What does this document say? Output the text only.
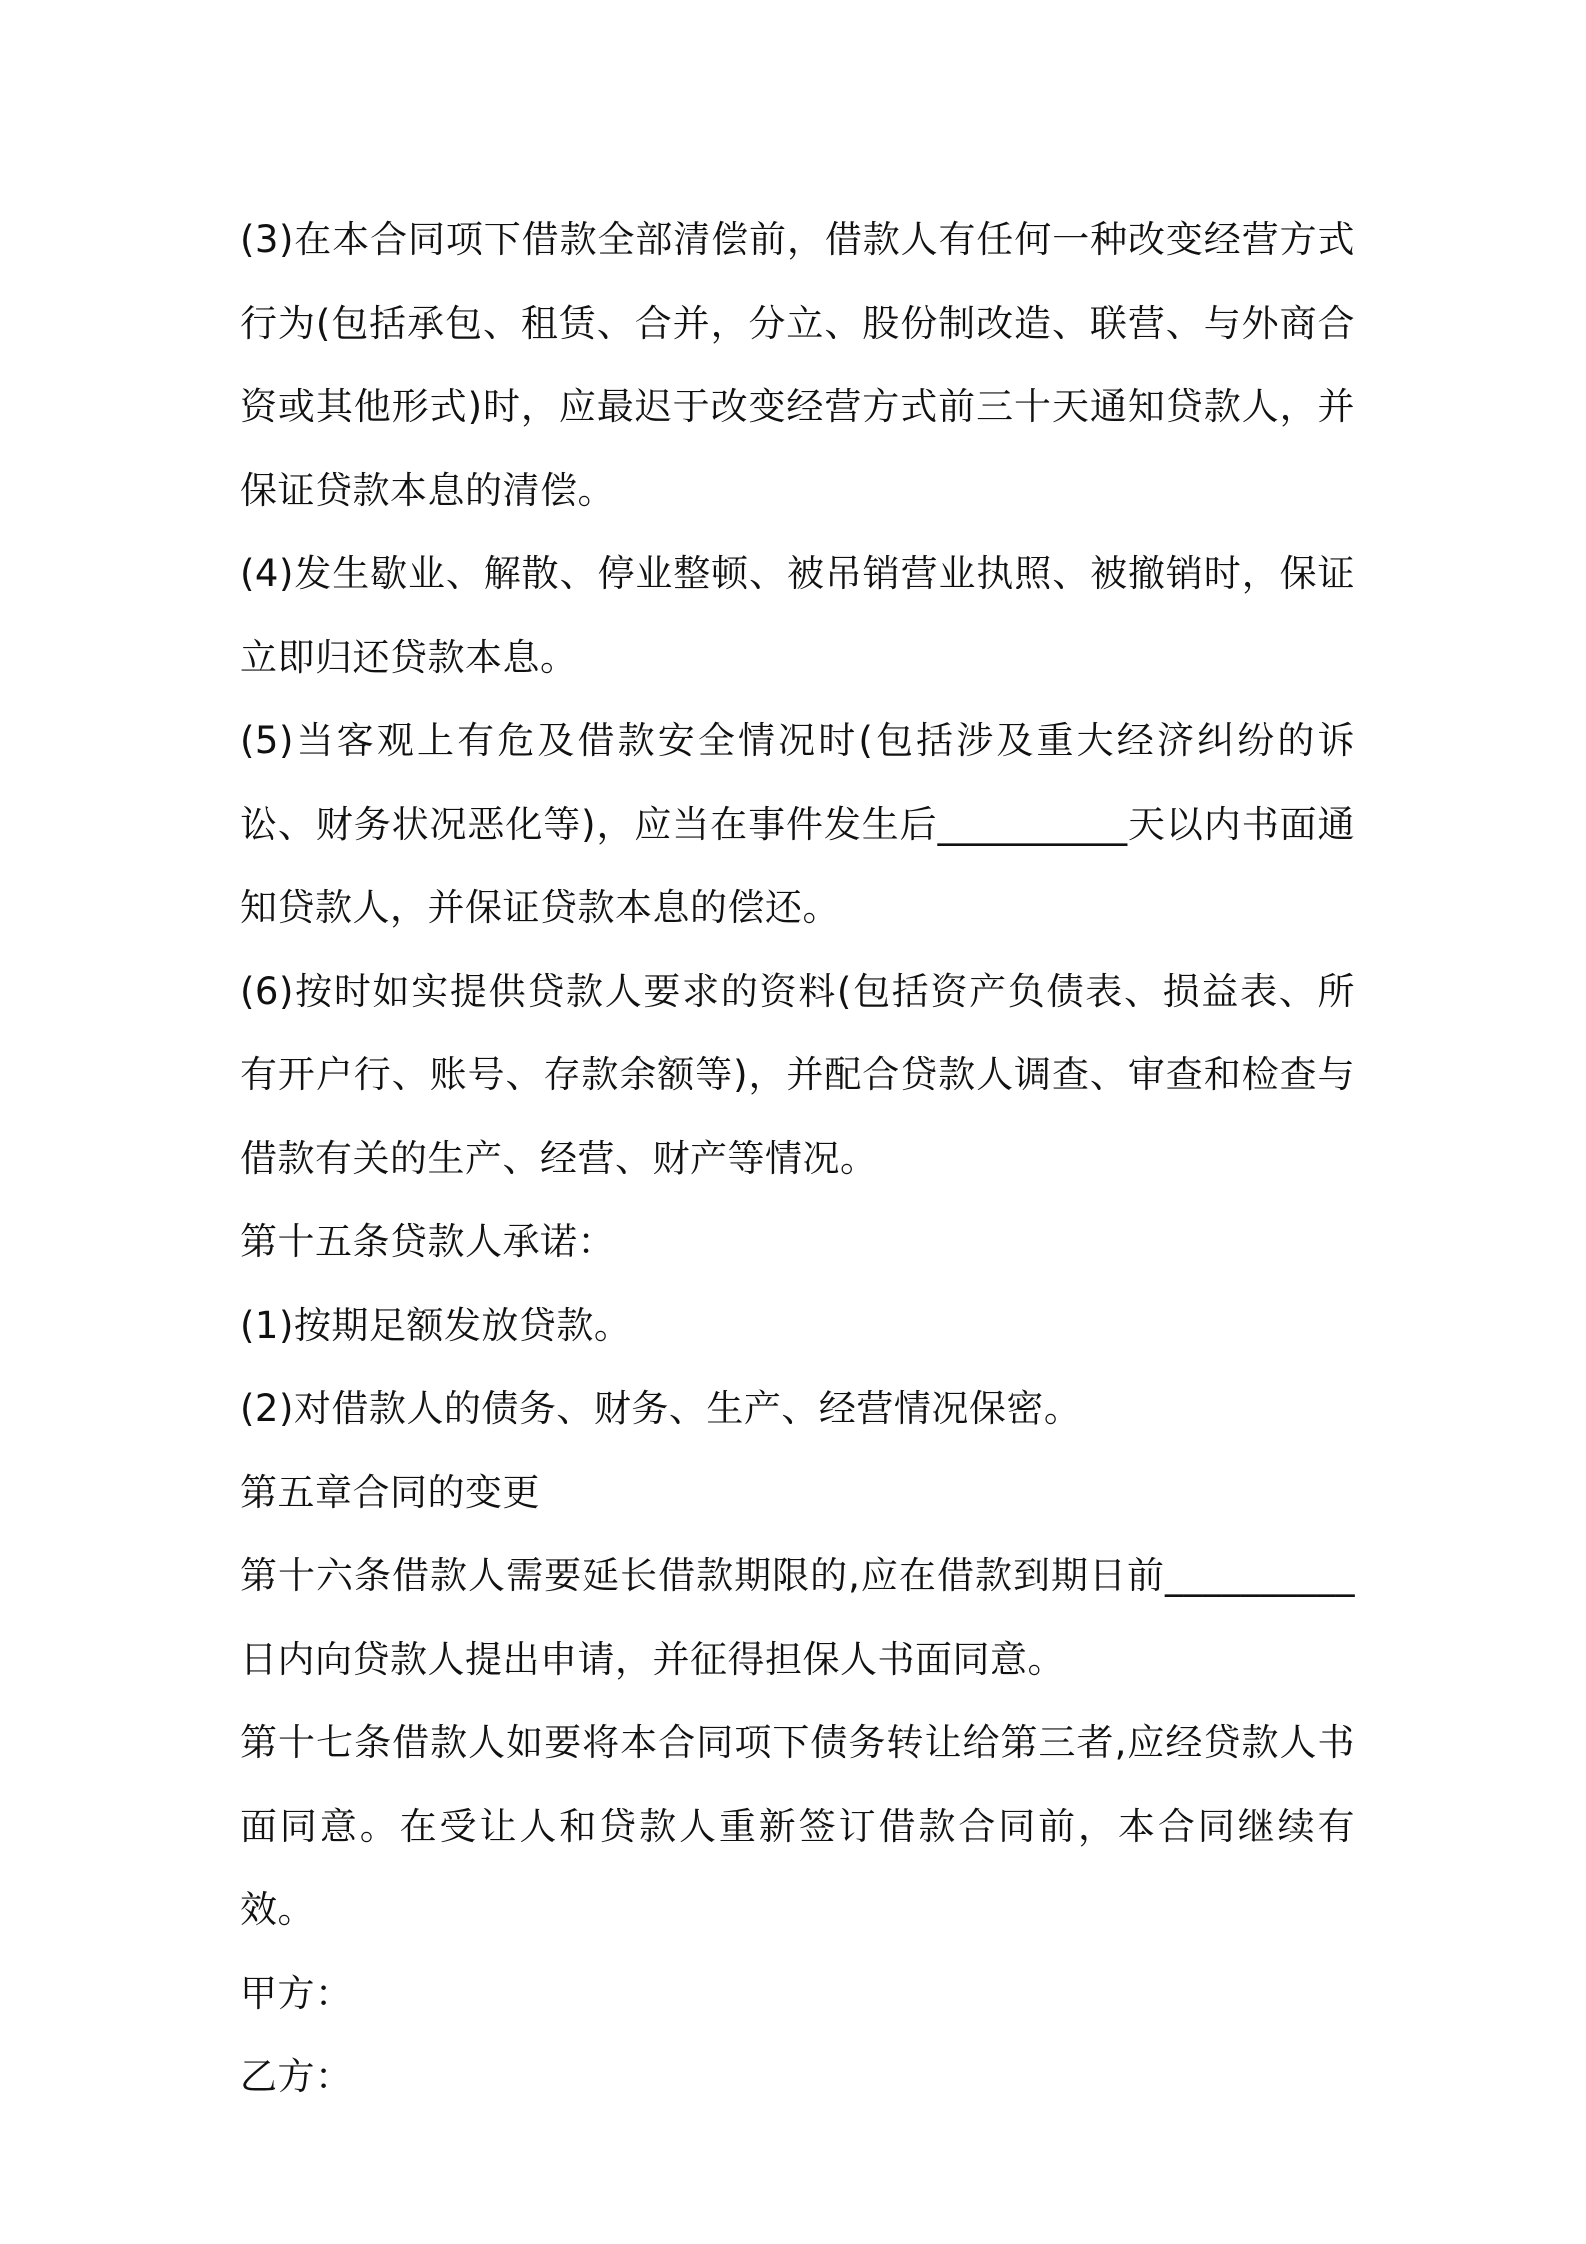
(3)在本合同项下借款全部清偿前，借款人有任何一种改变经营方式行为(包括承包、租赁、合并，分立、股份制改造、联营、与外商合资或其他形式)时，应最迟于改变经营方式前三十天通知贷款人，并保证贷款本息的清偿。

(4)发生歇业、解散、停业整顿、被吊销营业执照、被撤销时，保证立即归还贷款本息。

(5)当客观上有危及借款安全情况时(包括涉及重大经济纠纷的诉讼、财务状况恶化等)，应当在事件发生后__________天以内书面通知贷款人，并保证贷款本息的偿还。

(6)按时如实提供贷款人要求的资料(包括资产负债表、损益表、所有开户行、账号、存款余额等)，并配合贷款人调查、审查和检查与借款有关的生产、经营、财产等情况。

第十五条贷款人承诺：

(1)按期足额发放贷款。

(2)对借款人的债务、财务、生产、经营情况保密。

第五章合同的变更

第十六条借款人需要延长借款期限的,应在借款到期日前__________日内向贷款人提出申请，并征得担保人书面同意。

第十七条借款人如要将本合同项下债务转让给第三者,应经贷款人书面同意。在受让人和贷款人重新签订借款合同前，本合同继续有效。

甲方：

乙方：
